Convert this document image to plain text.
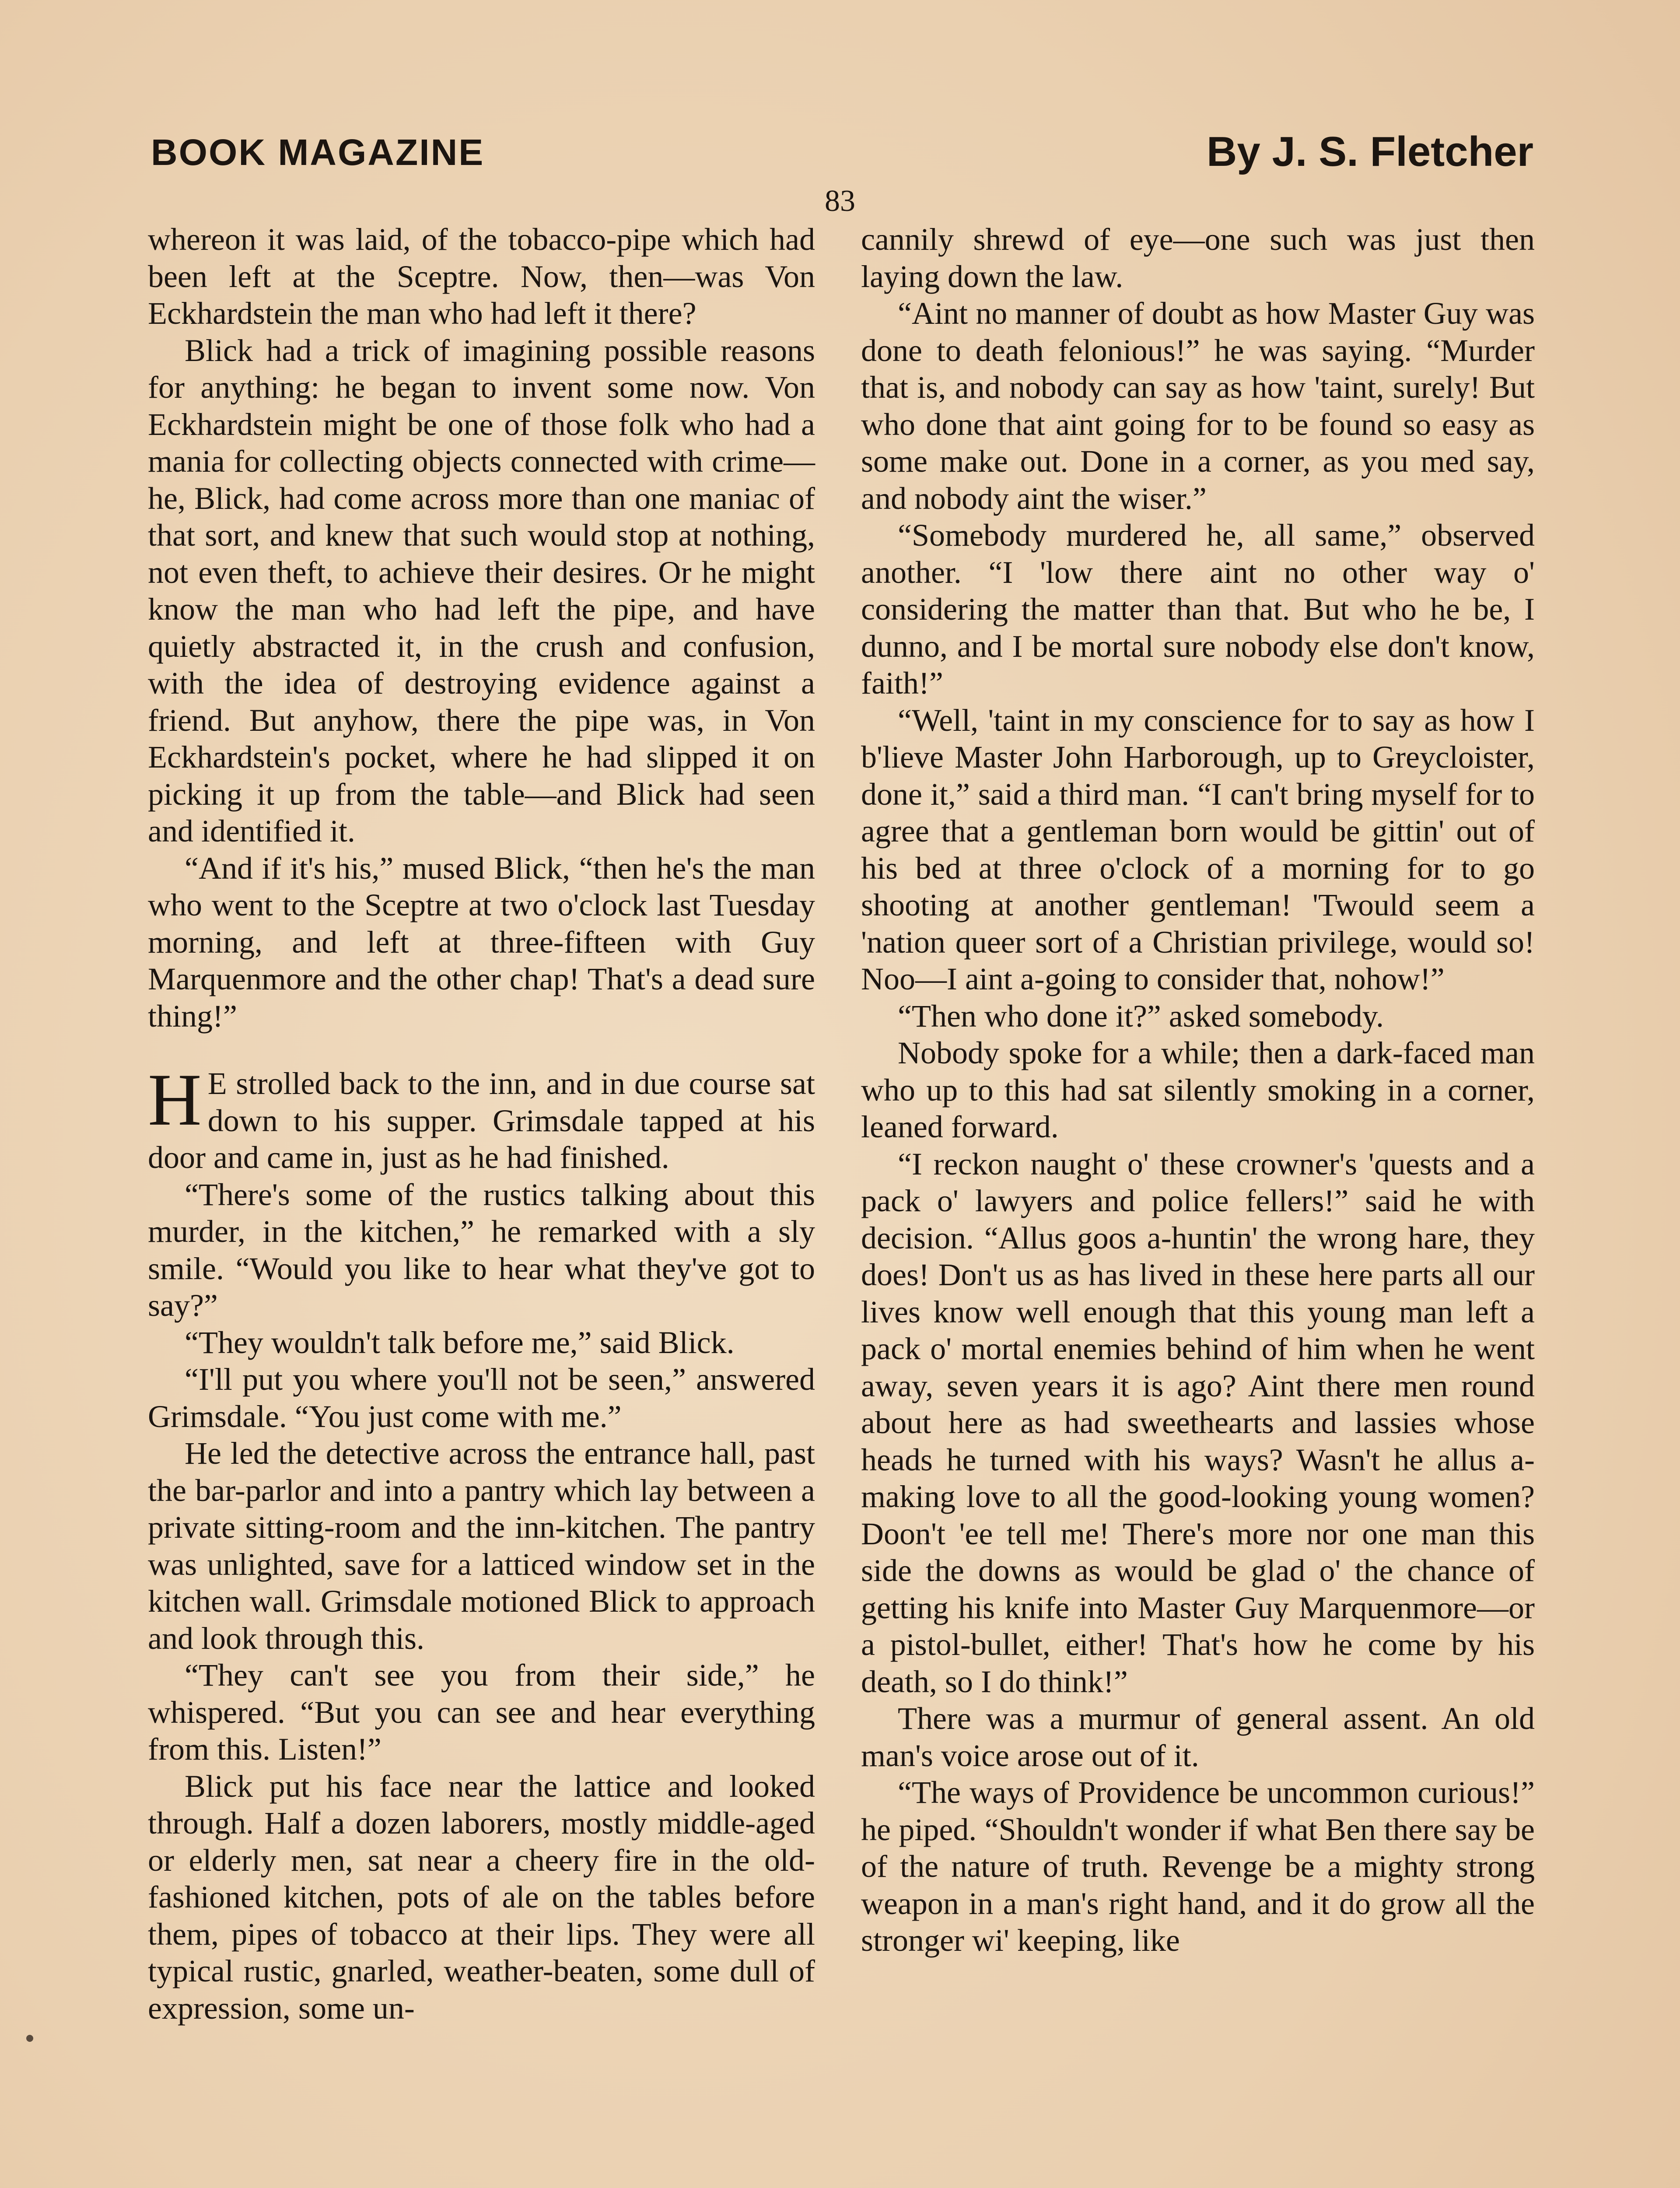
BOOK MAGAZINE	By J. S. Fletcher
83

whereon it was laid, of the tobacco-pipe which had been left at the Sceptre. Now, then—was Von Eckhardstein the man who had left it there?

Blick had a trick of imagining possible reasons for anything: he began to invent some now. Von Eckhardstein might be one of those folk who had a mania for collecting objects connected with crime—he, Blick, had come across more than one maniac of that sort, and knew that such would stop at nothing, not even theft, to achieve their desires. Or he might know the man who had left the pipe, and have quietly abstracted it, in the crush and confusion, with the idea of destroying evidence against a friend. But anyhow, there the pipe was, in Von Eckhardstein's pocket, where he had slipped it on picking it up from the table—and Blick had seen and identified it.

“And if it's his,” mused Blick, “then he's the man who went to the Sceptre at two o'clock last Tuesday morning, and left at three-fifteen with Guy Marquenmore and the other chap! That's a dead sure thing!”

H E strolled back to the inn, and in due course sat down to his supper. Grimsdale tapped at his door and came in, just as he had finished.

“There's some of the rustics talking about this murder, in the kitchen,” he remarked with a sly smile. “Would you like to hear what they've got to say?”

“They wouldn't talk before me,” said Blick.

“I'll put you where you'll not be seen,” answered Grimsdale. “You just come with me.”

He led the detective across the entrance hall, past the bar-parlor and into a pantry which lay between a private sitting-room and the inn-kitchen. The pantry was unlighted, save for a latticed window set in the kitchen wall. Grimsdale motioned Blick to approach and look through this.

“They can't see you from their side,” he whispered. “But you can see and hear everything from this. Listen!”

Blick put his face near the lattice and looked through. Half a dozen laborers, mostly middle-aged or elderly men, sat near a cheery fire in the old-fashioned kitchen, pots of ale on the tables before them, pipes of tobacco at their lips. They were all typical rustic, gnarled, weather-beaten, some dull of expression, some un-

cannily shrewd of eye—one such was just then laying down the law.

“Aint no manner of doubt as how Master Guy was done to death felonious!” he was saying. “Murder that is, and nobody can say as how 'taint, surely! But who done that aint going for to be found so easy as some make out. Done in a corner, as you med say, and nobody aint the wiser.”

“Somebody murdered he, all same,” observed another. “I 'low there aint no other way o' considering the matter than that. But who he be, I dunno, and I be mortal sure nobody else don't know, faith!”

“Well, 'taint in my conscience for to say as how I b'lieve Master John Harborough, up to Greycloister, done it,” said a third man. “I can't bring myself for to agree that a gentleman born would be gittin' out of his bed at three o'clock of a morning for to go shooting at another gentleman! 'Twould seem a 'nation queer sort of a Christian privilege, would so! Noo—I aint a-going to consider that, nohow!”

“Then who done it?” asked somebody.

Nobody spoke for a while; then a dark-faced man who up to this had sat silently smoking in a corner, leaned forward.

“I reckon naught o' these crowner's 'quests and a pack o' lawyers and police fellers!” said he with decision. “Allus goos a-huntin' the wrong hare, they does! Don't us as has lived in these here parts all our lives know well enough that this young man left a pack o' mortal enemies behind of him when he went away, seven years it is ago? Aint there men round about here as had sweethearts and lassies whose heads he turned with his ways? Wasn't he allus a-making love to all the good-looking young women? Doon't 'ee tell me! There's more nor one man this side the downs as would be glad o' the chance of getting his knife into Master Guy Marquenmore—or a pistol-bullet, either! That's how he come by his death, so I do think!”

There was a murmur of general assent. An old man's voice arose out of it.

“The ways of Providence be uncommon curious!” he piped. “Shouldn't wonder if what Ben there say be of the nature of truth. Revenge be a mighty strong weapon in a man's right hand, and it do grow all the stronger wi' keeping, like
